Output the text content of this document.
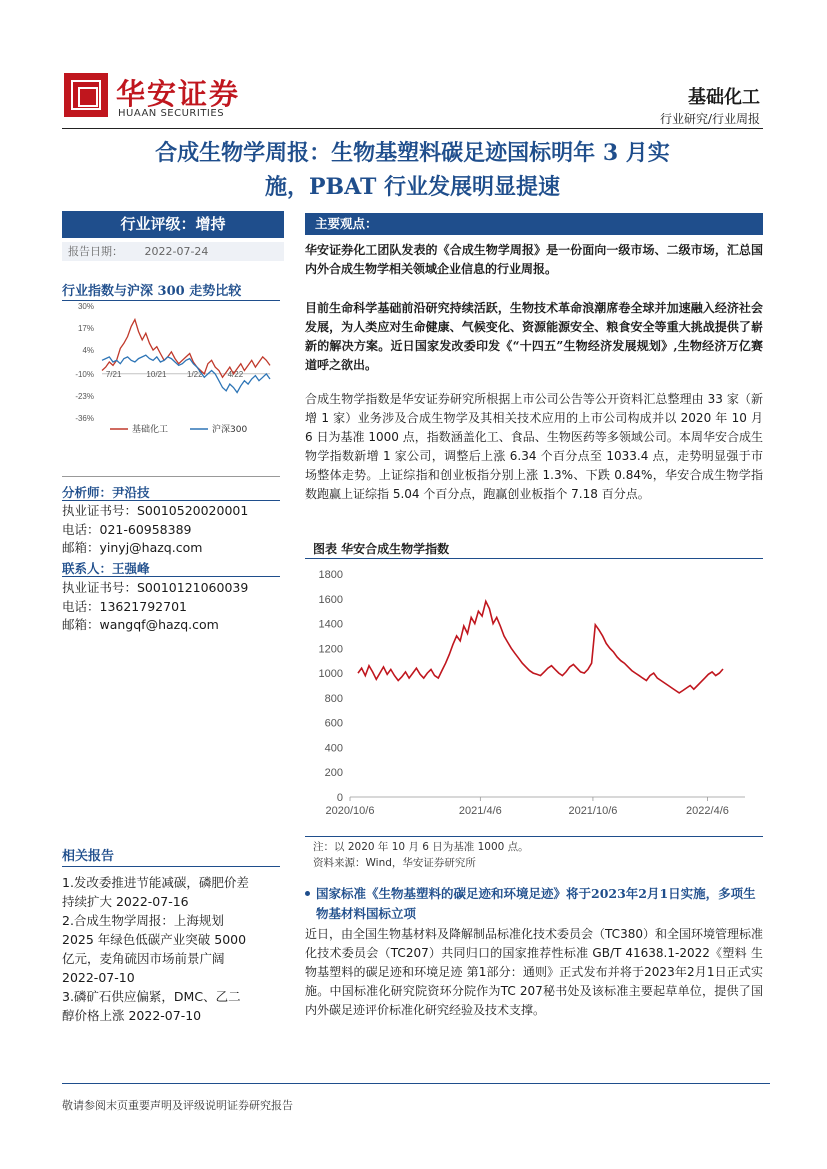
华安证券
HUAAN SECURITIES
基础化工
行业研究/行业周报
合成生物学周报：生物基塑料碳足迹国标明年 3 月实
施，PBAT 行业发展明显提速
行业评级：增持
报告日期： 2022-07-24
行业指数与沪深 300 走势比较
30%
17%
4%
-10%
-23%
-36%
7/21	10/21	1/22	4/22
基础化工	沪深300
分析师：尹沿技
执业证书号：S0010520020001
电话：021-60958389
邮箱：yinyj@hazq.com
联系人：王强峰
执业证书号：S0010121060039
电话：13621792701
邮箱：wangqf@hazq.com
相关报告
1.发改委推进节能减碳，磷肥价差
持续扩大 2022-07-16
2.合成生物学周报：上海规划
2025 年绿色低碳产业突破 5000
亿元，麦角硫因市场前景广阔
2022-07-10
3.磷矿石供应偏紧，DMC、乙二
醇价格上涨 2022-07-10
主要观点：
华安证券化工团队发表的《合成生物学周报》是一份面向一级市场、二级市场，汇总国内外合成生物学相关领域企业信息的行业周报。
目前生命科学基础前沿研究持续活跃，生物技术革命浪潮席卷全球并加速融入经济社会发展，为人类应对生命健康、气候变化、资源能源安全、粮食安全等重大挑战提供了崭新的解决方案。近日国家发改委印发《“十四五”生物经济发展规划》,生物经济万亿赛道呼之欲出。
合成生物学指数是华安证券研究所根据上市公司公告等公开资料汇总整理由 33 家（新增 1 家）业务涉及合成生物学及其相关技术应用的上市公司构成并以 2020 年 10 月 6 日为基准 1000 点，指数涵盖化工、食品、生物医药等多领域公司。本周华安合成生物学指数新增 1 家公司，调整后上涨 6.34 个百分点至 1033.4 点，走势明显强于市场整体走势。上证综指和创业板指分别上涨 1.3%、下跌 0.84%，华安合成生物学指数跑赢上证综指 5.04 个百分点，跑赢创业板指个 7.18 百分点。
图表 华安合成生物学指数
0
200
400
600
800
1000
1200
1400
1600
1800
2020/10/6	2021/4/6	2021/10/6	2022/4/6
注：以 2020 年 10 月 6 日为基准 1000 点。
资料来源：Wind，华安证券研究所
国家标准《生物基塑料的碳足迹和环境足迹》将于2023年2月1日实施，多项生物基材料国标立项
近日，由全国生物基材料及降解制品标准化技术委员会（TC380）和全国环境管理标准化技术委员会（TC207）共同归口的国家推荐性标准 GB/T 41638.1-2022《塑料 生物基塑料的碳足迹和环境足迹 第1部分：通则》正式发布并将于2023年2月1日正式实施。中国标准化研究院资环分院作为TC 207秘书处及该标准主要起草单位，提供了国内外碳足迹评价标准化研究经验及技术支撑。
敬请参阅末页重要声明及评级说明证券研究报告
